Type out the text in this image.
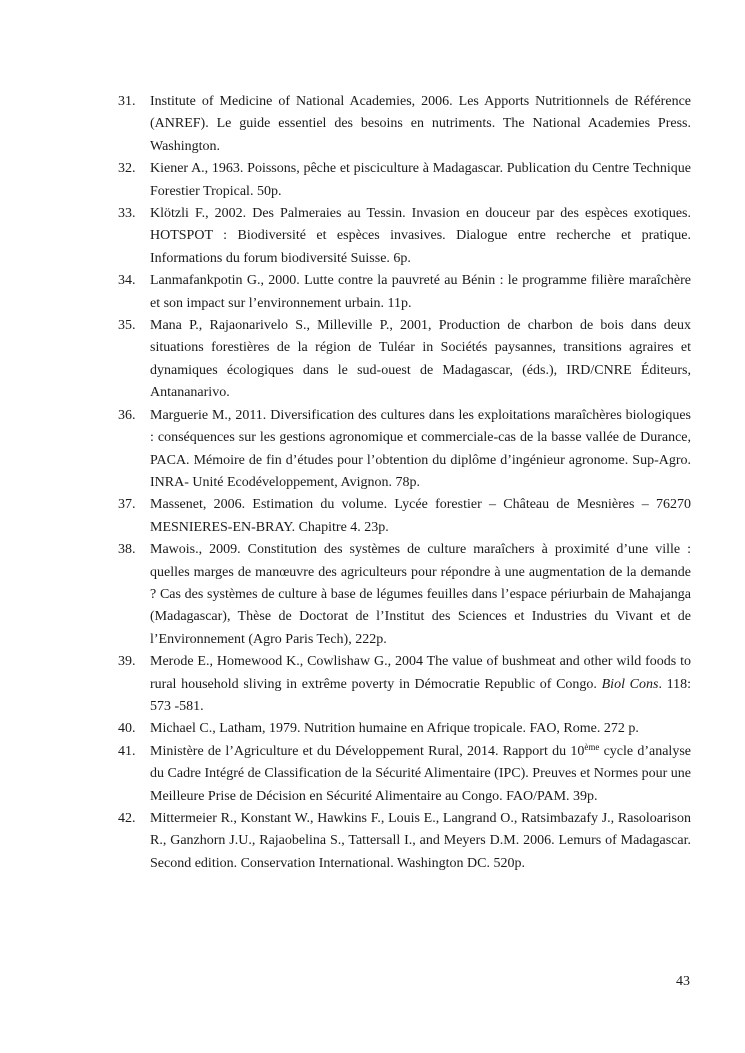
31.	Institute of Medicine of National Academies, 2006. Les Apports Nutritionnels de Référence (ANREF). Le guide essentiel des besoins en nutriments. The National Academies Press. Washington.
32.	Kiener A., 1963. Poissons, pêche et pisciculture à Madagascar. Publication du Centre Technique Forestier Tropical. 50p.
33.	Klötzli F., 2002. Des Palmeraies au Tessin. Invasion en douceur par des espèces exotiques. HOTSPOT : Biodiversité et espèces invasives. Dialogue entre recherche et pratique. Informations du forum biodiversité Suisse. 6p.
34.	Lanmafankpotin G., 2000. Lutte contre la pauvreté au Bénin : le programme filière maraîchère et son impact sur l’environnement urbain. 11p.
35.	Mana P., Rajaonarivelo S., Milleville P., 2001, Production de charbon de bois dans deux situations forestières de la région de Tuléar in Sociétés paysannes, transitions agraires et dynamiques écologiques dans le sud-ouest de Madagascar, (éds.), IRD/CNRE Éditeurs, Antananarivo.
36.	Marguerie M., 2011. Diversification des cultures dans les exploitations maraîchères biologiques : conséquences sur les gestions agronomique et commerciale-cas de la basse vallée de Durance, PACA. Mémoire de fin d’études pour l’obtention du diplôme d’ingénieur agronome. Sup-Agro. INRA- Unité Ecodéveloppement, Avignon. 78p.
37.	Massenet, 2006. Estimation du volume. Lycée forestier – Château de Mesnières – 76270 MESNIERES-EN-BRAY. Chapitre 4. 23p.
38.	Mawois., 2009. Constitution des systèmes de culture maraîchers à proximité d’une ville : quelles marges de manœuvre des agriculteurs pour répondre à une augmentation de la demande ? Cas des systèmes de culture à base de légumes feuilles dans l’espace périurbain de Mahajanga (Madagascar), Thèse de Doctorat de l’Institut des Sciences et Industries du Vivant et de l’Environnement (Agro Paris Tech), 222p.
39.	Merode E., Homewood K., Cowlishaw G., 2004 The value of bushmeat and other wild foods to rural household sliving in extrême poverty in Démocratie Republic of Congo. Biol Cons. 118: 573 -581.
40.	Michael C., Latham, 1979. Nutrition humaine en Afrique tropicale. FAO, Rome. 272 p.
41.	Ministère de l’Agriculture et du Développement Rural, 2014. Rapport du 10ème cycle d’analyse du Cadre Intégré de Classification de la Sécurité Alimentaire (IPC). Preuves et Normes pour une Meilleure Prise de Décision en Sécurité Alimentaire au Congo. FAO/PAM. 39p.
42.	Mittermeier R., Konstant W., Hawkins F., Louis E., Langrand O., Ratsimbazafy J., Rasoloarison R., Ganzhorn J.U., Rajaobelina S., Tattersall I., and Meyers D.M. 2006. Lemurs of Madagascar. Second edition. Conservation International. Washington DC. 520p.
43
